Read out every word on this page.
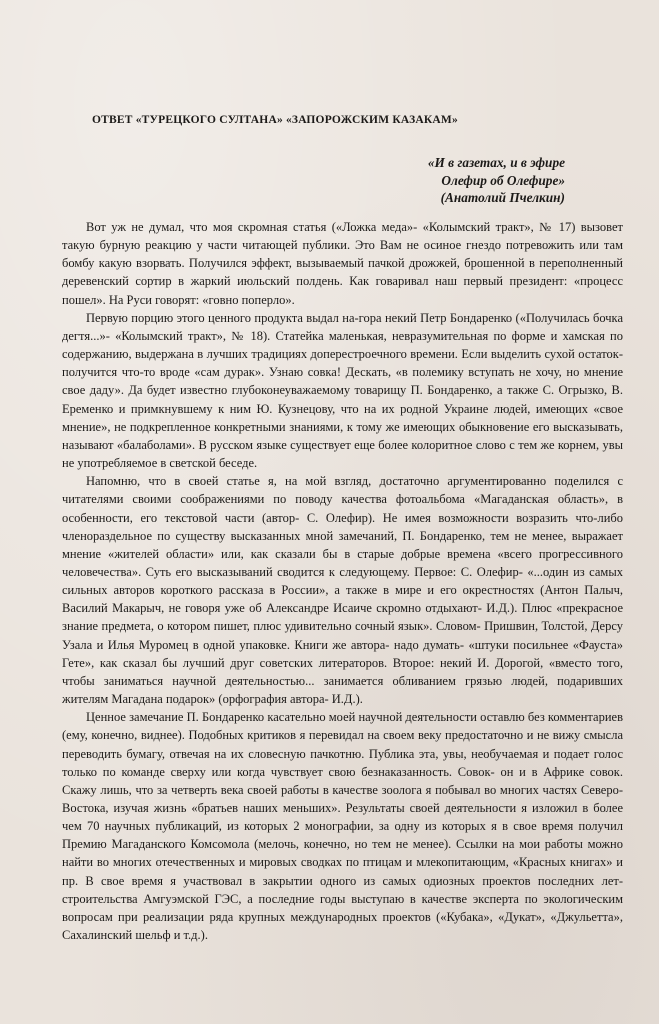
ОТВЕТ «ТУРЕЦКОГО СУЛТАНА» «ЗАПОРОЖСКИМ КАЗАКАМ»
«И в газетах, и в эфире
Олефир об Олефире»
(Анатолий Пчелкин)

Вот уж не думал, что моя скромная статья («Ложка меда»- «Колымский тракт», № 17) вызовет такую бурную реакцию у части читающей публики. Это Вам не осиное гнездо потревожить или там бомбу какую взорвать. Получился эффект, вызываемый пачкой дрожжей, брошенной в переполненный деревенский сортир в жаркий июльский полдень. Как говаривал наш первый президент: «процесс пошел». На Руси говорят: «говно поперло».

Первую порцию этого ценного продукта выдал на-гора некий Петр Бондаренко («Получилась бочка дегтя...»- «Колымский тракт», № 18). Статейка маленькая, невразумительная по форме и хамская по содержанию, выдержана в лучших традициях доперестроечного времени. Если выделить сухой остаток- получится что-то вроде «сам дурак». Узнаю совка! Дескать, «в полемику вступать не хочу, но мнение свое даду». Да будет известно глубоконеуважаемому товарищу П. Бондаренко, а также С. Огрызко, В. Еременко и примкнувшему к ним Ю. Кузнецову, что на их родной Украине людей, имеющих «свое мнение», не подкрепленное конкретными знаниями, к тому же имеющих обыкновение его высказывать, называют «балаболами». В русском языке существует еще более колоритное слово с тем же корнем, увы не употребляемое в светской беседе.

Напомню, что в своей статье я, на мой взгляд, достаточно аргументированно поделился с читателями своими соображениями по поводу качества фотоальбома «Магаданская область», в особенности, его текстовой части (автор- С. Олефир). Не имея возможности возразить что-либо членораздельное по существу высказанных мной замечаний, П. Бондаренко, тем не менее, выражает мнение «жителей области» или, как сказали бы в старые добрые времена «всего прогрессивного человечества». Суть его высказываний сводится к следующему. Первое: С. Олефир- «...один из самых сильных авторов короткого рассказа в России», а также в мире и его окрестностях (Антон Палыч, Василий Макарыч, не говоря уже об Александре Исаиче скромно отдыхают- И.Д.). Плюс «прекрасное знание предмета, о котором пишет, плюс удивительно сочный язык». Словом- Пришвин, Толстой, Дерсу Узала и Илья Муромец в одной упаковке. Книги же автора- надо думать- «штуки посильнее «Фауста» Гете», как сказал бы лучший друг советских литераторов. Второе: некий И. Дорогой, «вместо того, чтобы заниматься научной деятельностью... занимается обливанием грязью людей, подаривших жителям Магадана подарок» (орфография автора- И.Д.).

Ценное замечание П. Бондаренко касательно моей научной деятельности оставлю без комментариев (ему, конечно, виднее). Подобных критиков я перевидал на своем веку предостаточно и не вижу смысла переводить бумагу, отвечая на их словесную пачкотню. Публика эта, увы, необучаемая и подает голос только по команде сверху или когда чувствует свою безнаказанность. Совок- он и в Африке совок. Скажу лишь, что за четверть века своей работы в качестве зоолога я побывал во многих частях Северо-Востока, изучая жизнь «братьев наших меньших». Результаты своей деятельности я изложил в более чем 70 научных публикаций, из которых 2 монографии, за одну из которых я в свое время получил Премию Магаданского Комсомола (мелочь, конечно, но тем не менее). Ссылки на мои работы можно найти во многих отечественных и мировых сводках по птицам и млекопитающим, «Красных книгах» и пр. В свое время я участвовал в закрытии одного из самых одиозных проектов последних лет- строительства Амгуэмской ГЭС, а последние годы выступаю в качестве эксперта по экологическим вопросам при реализации ряда крупных международных проектов («Кубака», «Дукат», «Джульетта», Сахалинский шельф и т.д.).
